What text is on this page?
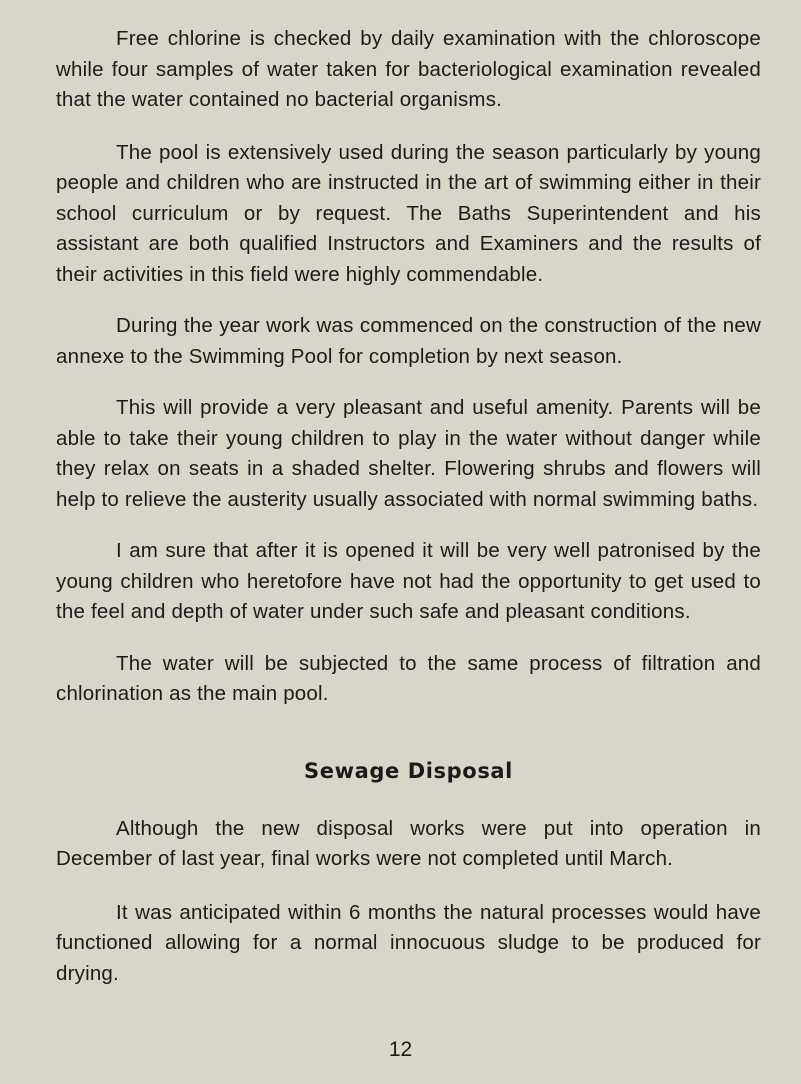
Free chlorine is checked by daily examination with the chloroscope while four samples of water taken for bacteriological examination revealed that the water contained no bacterial organisms.

The pool is extensively used during the season particularly by young people and children who are instructed in the art of swimming either in their school curriculum or by request. The Baths Superintendent and his assistant are both qualified Instructors and Examiners and the results of their activities in this field were highly commendable.

During the year work was commenced on the construction of the new annexe to the Swimming Pool for completion by next season.

This will provide a very pleasant and useful amenity. Parents will be able to take their young children to play in the water without danger while they relax on seats in a shaded shelter. Flowering shrubs and flowers will help to relieve the austerity usually associated with normal swimming baths.

I am sure that after it is opened it will be very well patronised by the young children who heretofore have not had the opportunity to get used to the feel and depth of water under such safe and pleasant conditions.

The water will be subjected to the same process of filtration and chlorination as the main pool.

Sewage Disposal

Although the new disposal works were put into operation in December of last year, final works were not completed until March.

It was anticipated within 6 months the natural processes would have functioned allowing for a normal innocuous sludge to be produced for drying.

12
